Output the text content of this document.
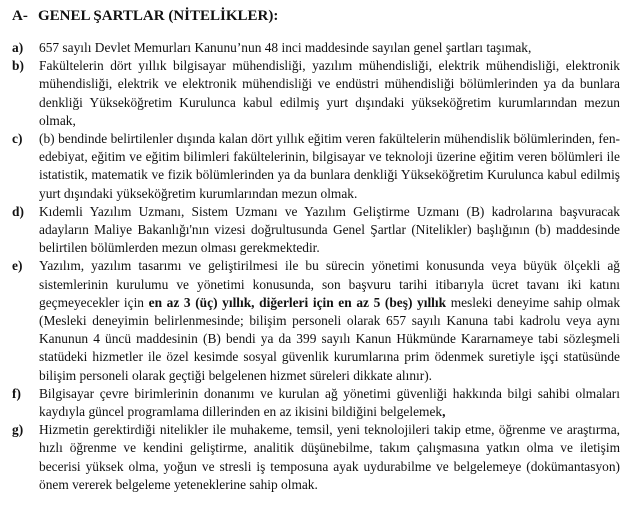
A- GENEL ŞARTLAR (NİTELİKLER):
a)	657 sayılı Devlet Memurları Kanunu’nun 48 inci maddesinde sayılan genel şartları taşımak,
b)	Fakültelerin dört yıllık bilgisayar mühendisliği, yazılım mühendisliği, elektrik mühendisliği, elektronik mühendisliği, elektrik ve elektronik mühendisliği ve endüstri mühendisliği bölümlerinden ya da bunlara denkliği Yükseköğretim Kurulunca kabul edilmiş yurt dışındaki yükseköğretim kurumlarından mezun olmak,
c)	(b) bendinde belirtilenler dışında kalan dört yıllık eğitim veren fakültelerin mühendislik bölümlerinden, fen-edebiyat, eğitim ve eğitim bilimleri fakültelerinin, bilgisayar ve teknoloji üzerine eğitim veren bölümleri ile istatistik, matematik ve fizik bölümlerinden ya da bunlara denkliği Yükseköğretim Kurulunca kabul edilmiş yurt dışındaki yükseköğretim kurumlarından mezun olmak.
d)	Kıdemli Yazılım Uzmanı, Sistem Uzmanı ve Yazılım Geliştirme Uzmanı (B) kadrolarına başvuracak adayların Maliye Bakanlığı'nın vizesi doğrultusunda Genel Şartlar (Nitelikler) başlığının (b) maddesinde belirtilen bölümlerden mezun olması gerekmektedir.
e)	Yazılım, yazılım tasarımı ve geliştirilmesi ile bu sürecin yönetimi konusunda veya büyük ölçekli ağ sistemlerinin kurulumu ve yönetimi konusunda, son başvuru tarihi itibarıyla ücret tavanı iki katını geçmeyecekler için en az 3 (üç) yıllık, diğerleri için en az 5 (beş) yıllık mesleki deneyime sahip olmak (Mesleki deneyimin belirlenmesinde; bilişim personeli olarak 657 sayılı Kanuna tabi kadrolu veya aynı Kanunun 4 üncü maddesinin (B) bendi ya da 399 sayılı Kanun Hükmünde Kararnameye tabi sözleşmeli statüdeki hizmetler ile özel kesimde sosyal güvenlik kurumlarına prim ödenmek suretiyle işçi statüsünde bilişim personeli olarak geçtiği belgelenen hizmet süreleri dikkate alınır).
f)	Bilgisayar çevre birimlerinin donanımı ve kurulan ağ yönetimi güvenliği hakkında bilgi sahibi olmaları kaydıyla güncel programlama dillerinden en az ikisini bildiğini belgelemek,
g)	Hizmetin gerektirdiği nitelikler ile muhakeme, temsil, yeni teknolojileri takip etme, öğrenme ve araştırma, hızlı öğrenme ve kendini geliştirme, analitik düşünebilme, takım çalışmasına yatkın olma ve iletişim becerisi yüksek olma, yoğun ve stresli iş temposuna ayak uydurabilme ve belgelemeye (dokümantasyon) önem vererek belgeleme yeteneklerine sahip olmak.
